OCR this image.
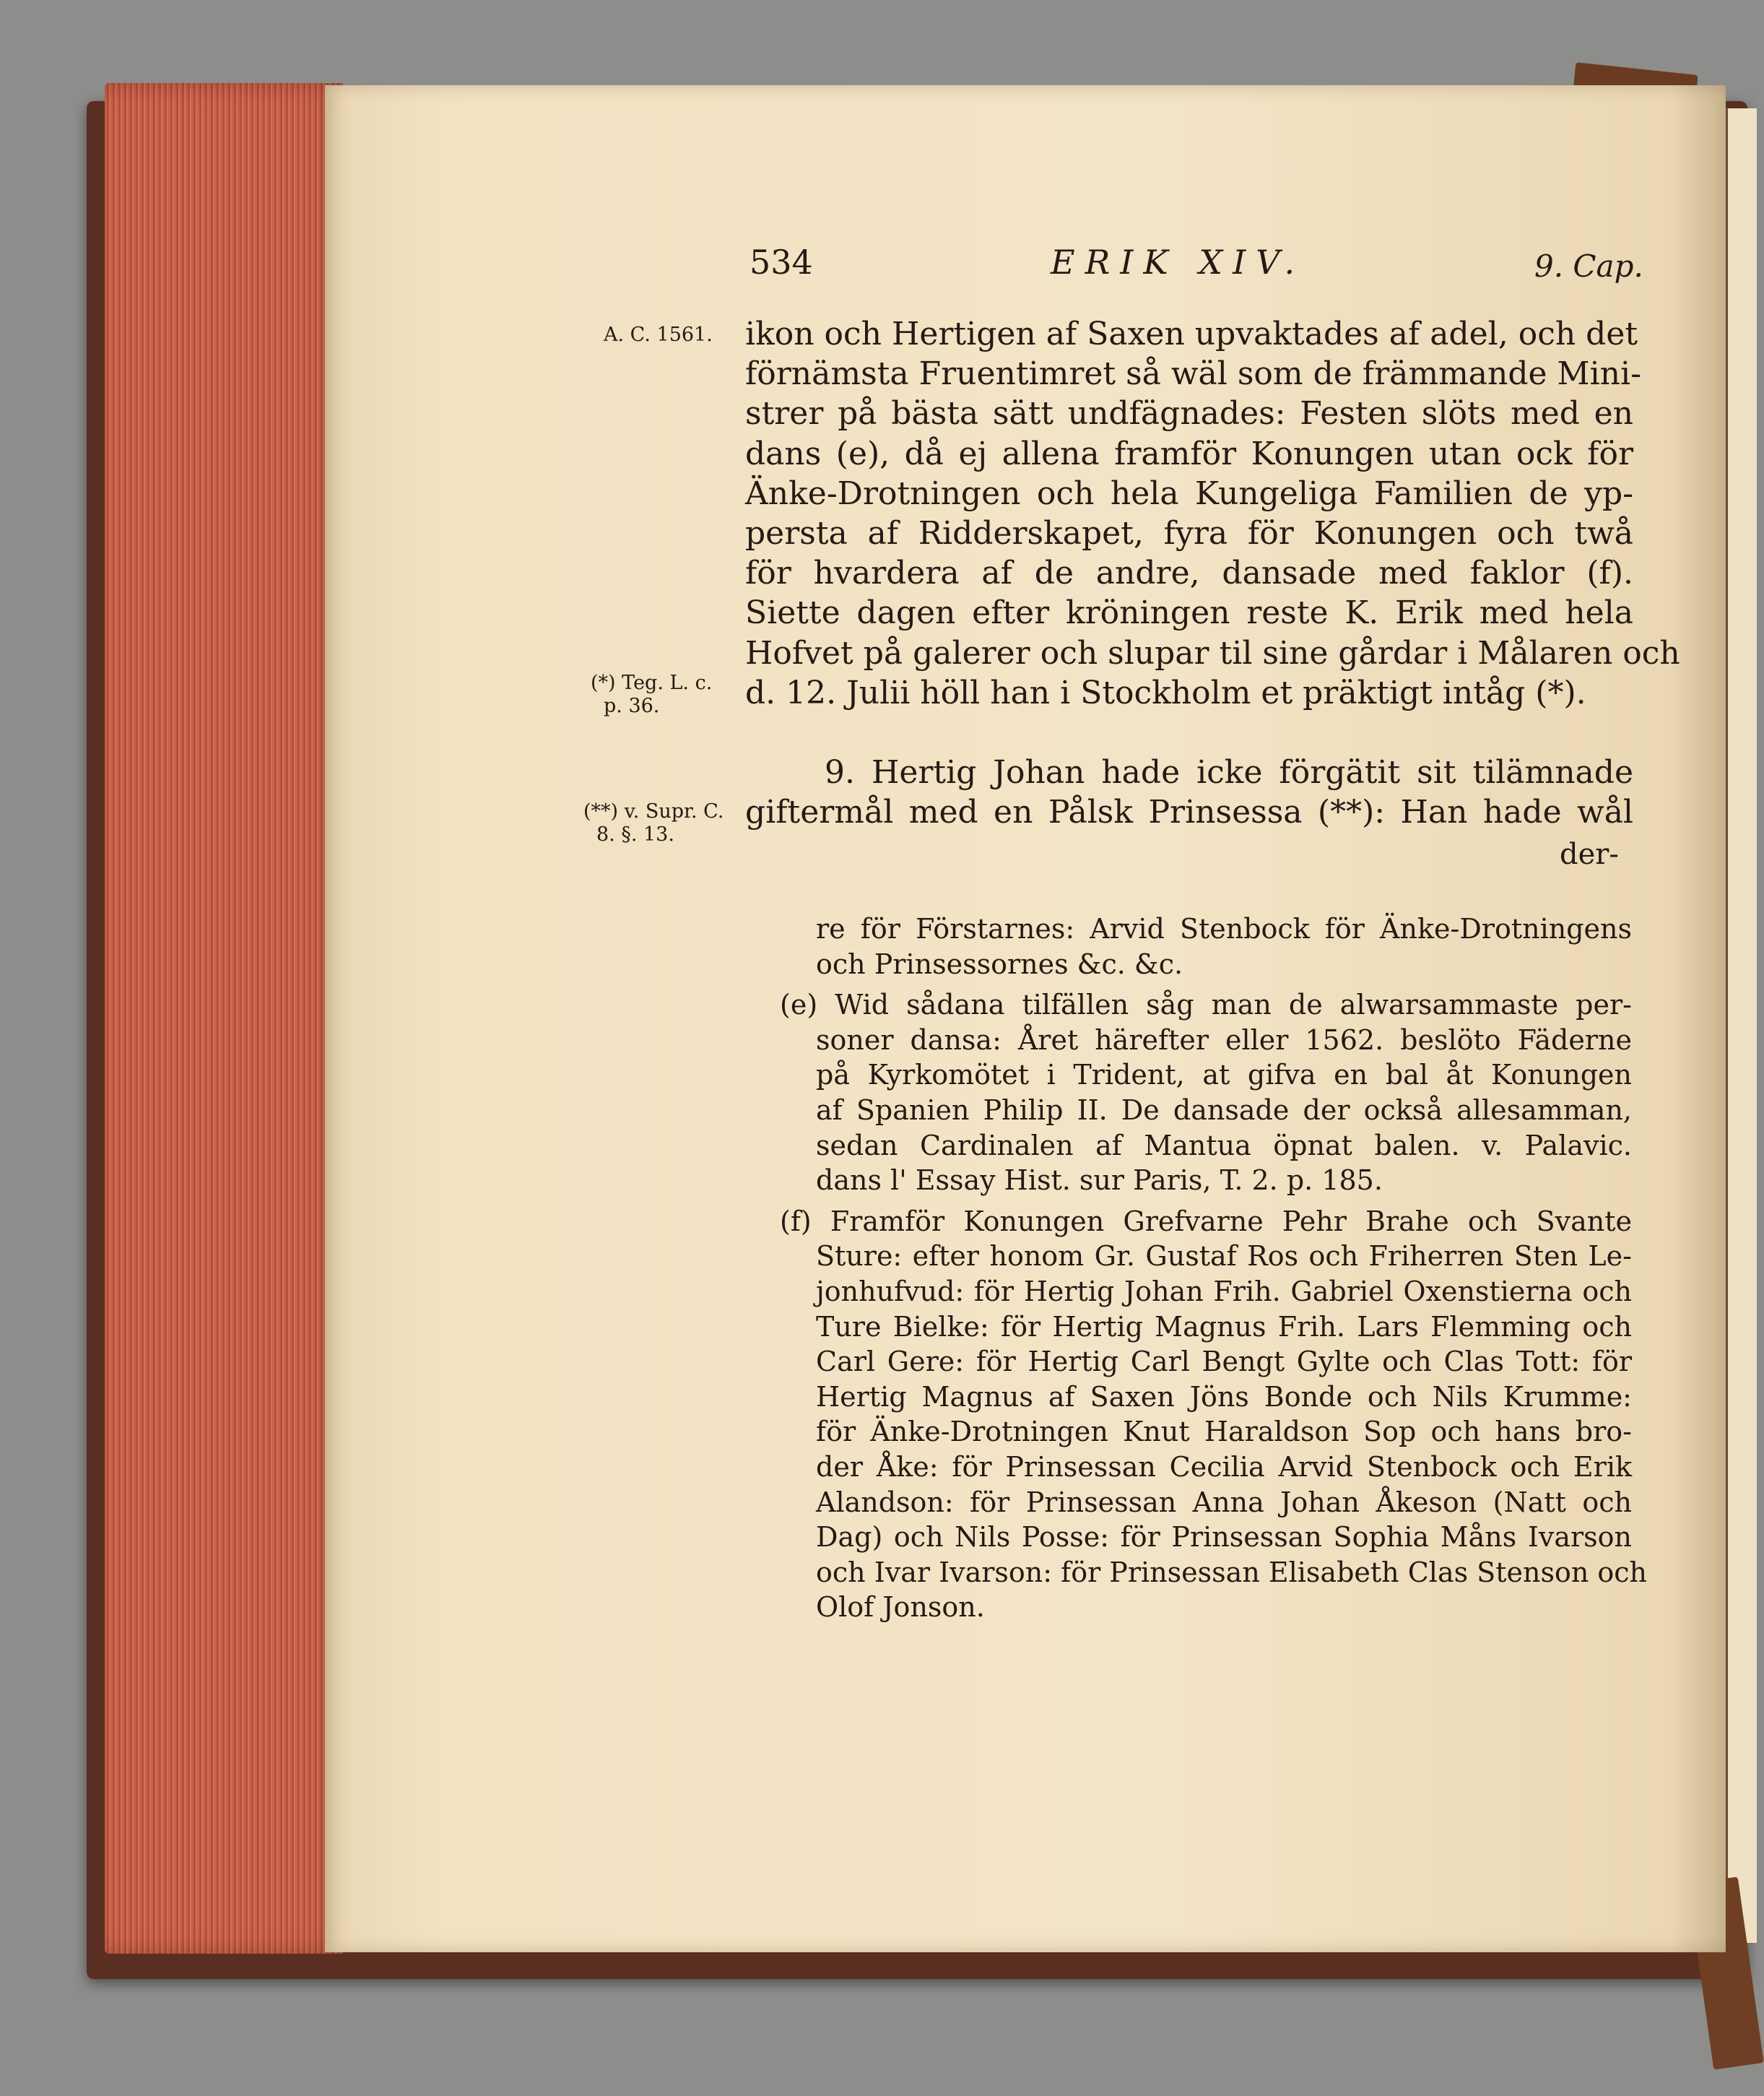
534	ERIK XIV.	9. Cap.
A. C. 1561.
(*) Teg. L. c.
p. 36.
(**) v. Supr. C.
8. §. 13.
ikon och Hertigen af Saxen upvaktades af adel, och det
förnämsta Fruentimret så wäl som de främmande Mini-
strer på bästa sätt undfägnades: Festen slöts med en
dans (e), då ej allena framför Konungen utan ock för
Änke-Drotningen och hela Kungeliga Familien de yp-
persta af Ridderskapet, fyra för Konungen och twå
för hvardera af de andre, dansade med faklor (f).
Siette dagen efter kröningen reste K. Erik med hela
Hofvet på galerer och slupar til sine gårdar i Målaren och
d. 12. Julii höll han i Stockholm et präktigt intåg (*).
9. Hertig Johan hade icke förgätit sit tilämnade
giftermål med en Pålsk Prinsessa (**): Han hade wål
der-
re för Förstarnes: Arvid Stenbock för Änke-Drotningens
och Prinsessornes &c. &c.
(e) Wid sådana tilfällen såg man de alwarsammaste per-
soner dansa: Året härefter eller 1562. beslöto Fäderne
på Kyrkomötet i Trident, at gifva en bal åt Konungen
af Spanien Philip II. De dansade der också allesamman,
sedan Cardinalen af Mantua öpnat balen. v. Palavic.
dans l' Essay Hist. sur Paris, T. 2. p. 185.
(f) Framför Konungen Grefvarne Pehr Brahe och Svante
Sture: efter honom Gr. Gustaf Ros och Friherren Sten Le-
jonhufvud: för Hertig Johan Frih. Gabriel Oxenstierna och
Ture Bielke: för Hertig Magnus Frih. Lars Flemming och
Carl Gere: för Hertig Carl Bengt Gylte och Clas Tott: för
Hertig Magnus af Saxen Jöns Bonde och Nils Krumme:
för Änke-Drotningen Knut Haraldson Sop och hans bro-
der Åke: för Prinsessan Cecilia Arvid Stenbock och Erik
Alandson: för Prinsessan Anna Johan Åkeson (Natt och
Dag) och Nils Posse: för Prinsessan Sophia Måns Ivarson
och Ivar Ivarson: för Prinsessan Elisabeth Clas Stenson och
Olof Jonson.
